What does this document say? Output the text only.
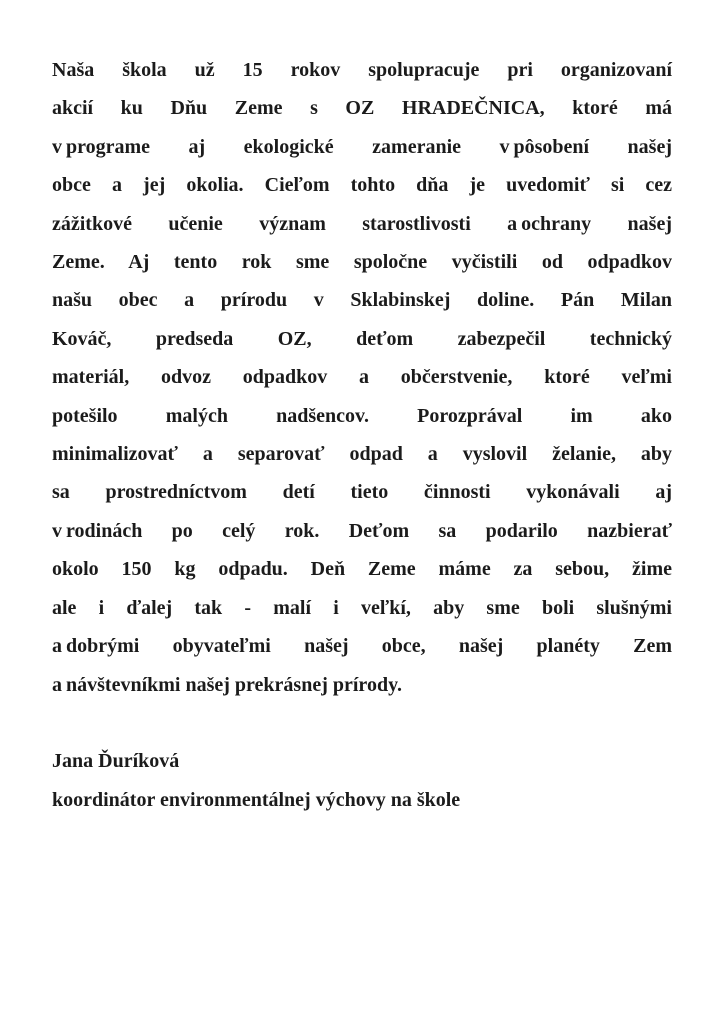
Naša škola už 15 rokov spolupracuje pri organizovaní
akcií ku Dňu Zeme s OZ HRADEČNICA, ktoré má
v programe aj ekologické zameranie v pôsobení našej
obce a jej okolia. Cieľom tohto dňa je uvedomiť si cez
zážitkové učenie význam starostlivosti a ochrany našej
Zeme. Aj tento rok sme spoločne vyčistili od odpadkov
našu obec a prírodu v Sklabinskej doline. Pán Milan
Kováč, predseda OZ, deťom zabezpečil technický
materiál, odvoz odpadkov a občerstvenie, ktoré veľmi
potešilo malých nadšencov. Porozprával im ako
minimalizovať a separovať odpad a vyslovil želanie, aby
sa prostredníctvom detí tieto činnosti vykonávali aj
v rodinách po celý rok. Deťom sa podarilo nazbierať
okolo 150 kg odpadu. Deň Zeme máme za sebou, žime
ale i ďalej tak - malí i veľkí, aby sme boli slušnými
a dobrými obyvateľmi našej obce, našej planéty Zem
a návštevníkmi našej prekrásnej prírody.
Jana Ďuríková
koordinátor environmentálnej výchovy na škole
